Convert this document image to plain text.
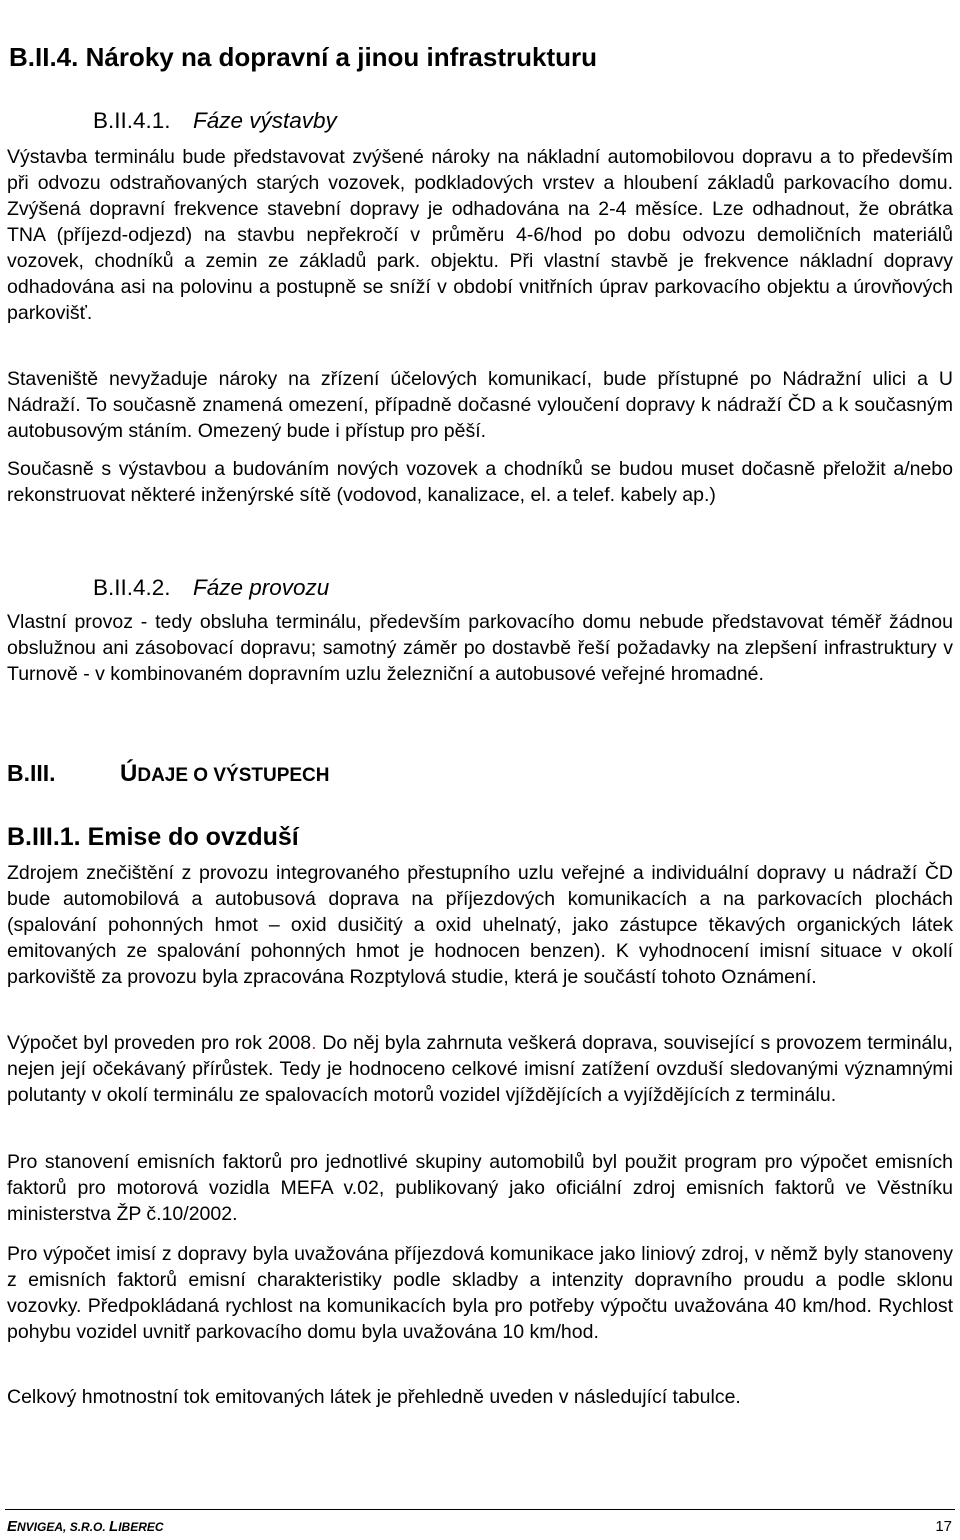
B.II.4. Nároky na dopravní a jinou infrastrukturu
B.II.4.1. Fáze výstavby

Výstavba terminálu bude představovat zvýšené nároky na nákladní automobilovou dopravu a to především při odvozu odstraňovaných starých vozovek, podkladových vrstev a hloubení základů parkovacího domu. Zvýšená dopravní frekvence stavební dopravy je odhadována na 2-4 měsíce. Lze odhadnout, že obrátka TNA (příjezd-odjezd) na stavbu nepřekročí v průměru 4-6/hod po dobu odvozu demoličních materiálů vozovek, chodníků a zemin ze základů park. objektu. Při vlastní stavbě je frekvence nákladní dopravy odhadována asi na polovinu a postupně se sníží v období vnitřních úprav parkovacího objektu a úrovňových parkovišť.

Staveniště nevyžaduje nároky na zřízení účelových komunikací, bude přístupné po Nádražní ulici a U Nádraží. To současně znamená omezení, případně dočasné vyloučení dopravy k nádraží ČD a k současným autobusovým stáním. Omezený bude i přístup pro pěší.

Současně s výstavbou a budováním nových vozovek a chodníků se budou muset dočasně přeložit a/nebo rekonstruovat některé inženýrské sítě (vodovod, kanalizace, el. a telef. kabely ap.)

B.II.4.2. Fáze provozu

Vlastní provoz - tedy obsluha terminálu, především parkovacího domu nebude představovat téměř žádnou obslužnou ani zásobovací dopravu; samotný záměr po dostavbě řeší požadavky na zlepšení infrastruktury v Turnově - v kombinovaném dopravním uzlu železniční a autobusové veřejné hromadné.

B.III.	ÚDAJE O VÝSTUPECH
B.III.1. Emise do ovzduší

Zdrojem znečištění z provozu integrovaného přestupního uzlu veřejné a individuální dopravy u nádraží ČD bude automobilová a autobusová doprava na příjezdových komunikacích a na parkovacích plochách (spalování pohonných hmot – oxid dusičitý a oxid uhelnatý, jako zástupce těkavých organických látek emitovaných ze spalování pohonných hmot je hodnocen benzen). K vyhodnocení imisní situace v okolí parkoviště za provozu byla zpracována Rozptylová studie, která je součástí tohoto Oznámení.

Výpočet byl proveden pro rok 2008. Do něj byla zahrnuta veškerá doprava, související s provozem terminálu, nejen její očekávaný přírůstek. Tedy je hodnoceno celkové imisní zatížení ovzduší sledovanými významnými polutanty v okolí terminálu ze spalovacích motorů vozidel vjíždějících a vyjíždějících z terminálu.

Pro stanovení emisních faktorů pro jednotlivé skupiny automobilů byl použit program pro výpočet emisních faktorů pro motorová vozidla MEFA v.02, publikovaný jako oficiální zdroj emisních faktorů ve Věstníku ministerstva ŽP č.10/2002.

Pro výpočet imisí z dopravy byla uvažována příjezdová komunikace jako liniový zdroj, v němž byly stanoveny z emisních faktorů emisní charakteristiky podle skladby a intenzity dopravního proudu a podle sklonu vozovky. Předpokládaná rychlost na komunikacích byla pro potřeby výpočtu uvažována 40 km/hod. Rychlost pohybu vozidel uvnitř parkovacího domu byla uvažována 10 km/hod.

Celkový hmotnostní tok emitovaných látek je přehledně uveden v následující tabulce.

ENVIGEA, S.R.O. LIBEREC	17
